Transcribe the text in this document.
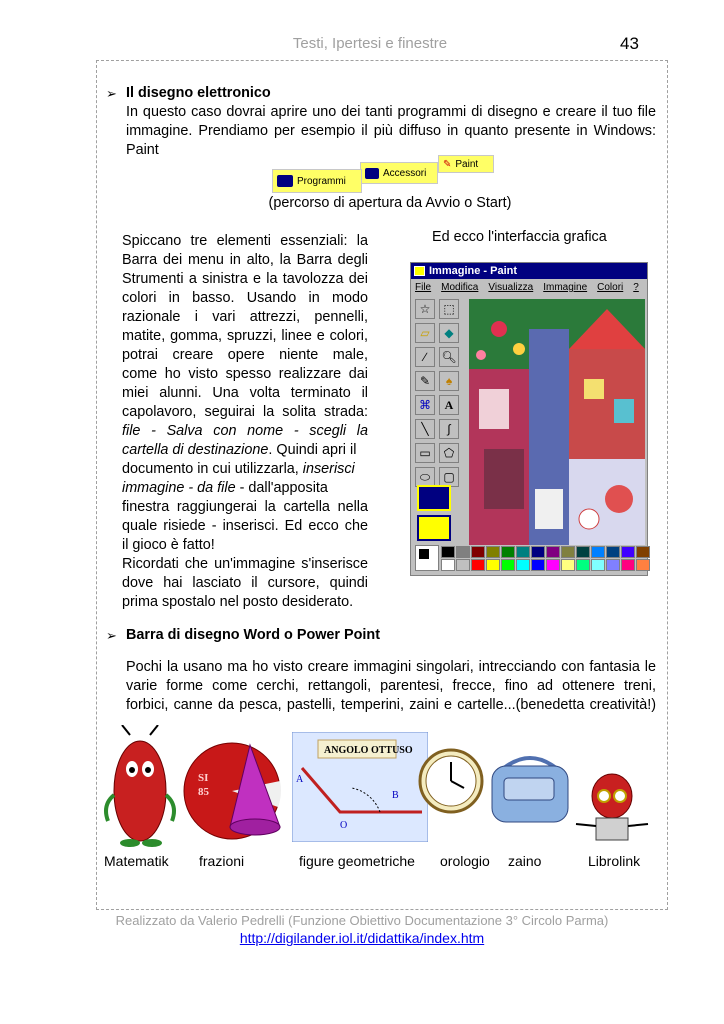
Testi, Ipertesi e finestre	43
➢ Il disegno elettronico
In questo caso dovrai aprire uno dei tanti programmi di disegno e creare il tuo file
immagine. Prendiamo per esempio il più diffuso in quanto presente in Windows:
Paint
✎ Paint
Accessori
Programmi
(percorso di apertura da Avvio o Start)
Spiccano tre elementi essenziali: la
Barra dei menu in alto, la Barra degli
Strumenti a sinistra e la tavolozza dei
colori in basso. Usando in modo
razionale i vari attrezzi, pennelli,
matite, gomma, spruzzi, linee e colori,
potrai creare opere niente male,
come ho visto spesso realizzare dai
miei alunni. Una volta terminato il
capolavoro, seguirai la solita strada:
file - Salva con nome - scegli la
cartella di destinazione. Quindi apri il
documento in cui utilizzarla, inserisci
immagine - da file - dall'apposita
finestra raggiungerai la cartella nella
quale risiede - inserisci. Ed ecco che
il gioco è fatto!
Ricordati che un'immagine s'inserisce
dove hai lasciato il cursore, quindi
prima spostalo nel posto desiderato.
Ed ecco l'interfaccia grafica
Immagine - Paint
File Modifica Visualizza Immagine Colori ?
☆	⬚
▱	◆
∕	🔍︎
✎	♠
⌘	A
╲	∫
▭	⬠
⬭	▢
➢ Barra di disegno Word o Power Point
Pochi la usano ma ho visto creare immagini singolari, intrecciando con fantasia le
varie forme come cerchi, rettangoli, parentesi, frecce, fino ad ottenere treni,
forbici, canne da pesca, pastelli, temperini, zaini e cartelle...(benedetta creatività!)
SI
85
ANGOLO OTTUSO
A
B
O
Matematik frazioni	figure geometriche orologio zaino	Librolink
Realizzato da Valerio Pedrelli (Funzione Obiettivo Documentazione 3° Circolo Parma)
http://digilander.iol.it/didattika/index.htm
